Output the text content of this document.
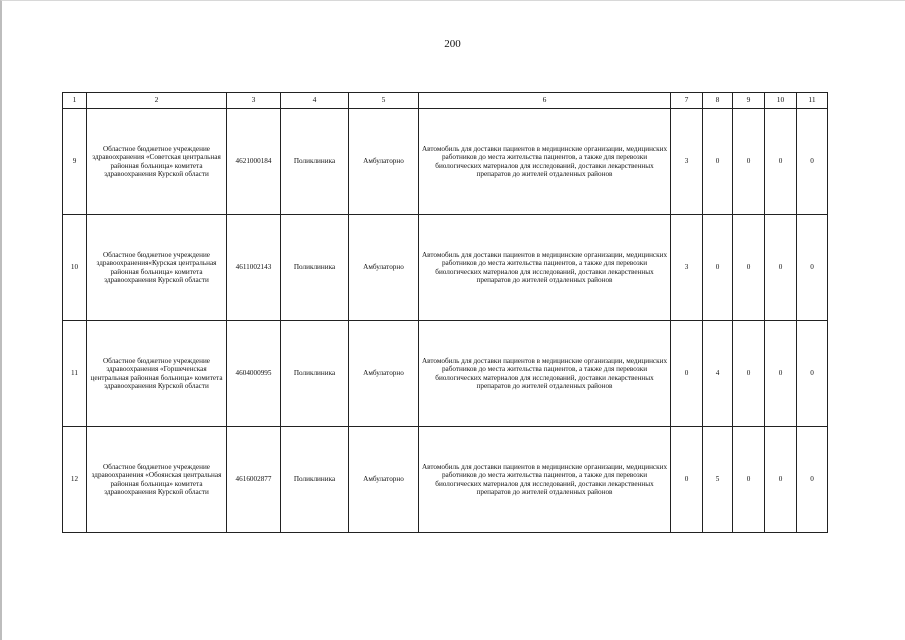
200
1	2	3	4	5	6	7	8	9	10	11
9	Областное бюджетное учреждение здравоохранения «Советская центральная районная больница» комитета здравоохранения Курской области	4621000184	Поликлиника	Амбулаторно	Автомобиль для доставки пациентов в медицинские организации, медицинских работников до места жительства пациентов, а также для перевозки биологических материалов для исследований, доставки лекарственных препаратов до жителей отдаленных районов	3	0	0	0	0
10	Областное бюджетное учреждение здравоохранения«Курская центральная районная больница» комитета здравоохранения Курской области	4611002143	Поликлиника	Амбулаторно	Автомобиль для доставки пациентов в медицинские организации, медицинских работников до места жительства пациентов, а также для перевозки биологических материалов для исследований, доставки лекарственных препаратов до жителей отдаленных районов	3	0	0	0	0
11	Областное бюджетное учреждение здравоохранения «Горшеченская центральная районная больница» комитета здравоохранения Курской области	4604000995	Поликлиника	Амбулаторно	Автомобиль для доставки пациентов в медицинские организации, медицинских работников до места жительства пациентов, а также для перевозки биологических материалов для исследований, доставки лекарственных препаратов до жителей отдаленных районов	0	4	0	0	0
12	Областное бюджетное учреждение здравоохранения «Обоянская центральная районная больница» комитета здравоохранения Курской области	4616002877	Поликлиника	Амбулаторно	Автомобиль для доставки пациентов в медицинские организации, медицинских работников до места жительства пациентов, а также для перевозки биологических материалов для исследований, доставки лекарственных препаратов до жителей отдаленных районов	0	5	0	0	0
